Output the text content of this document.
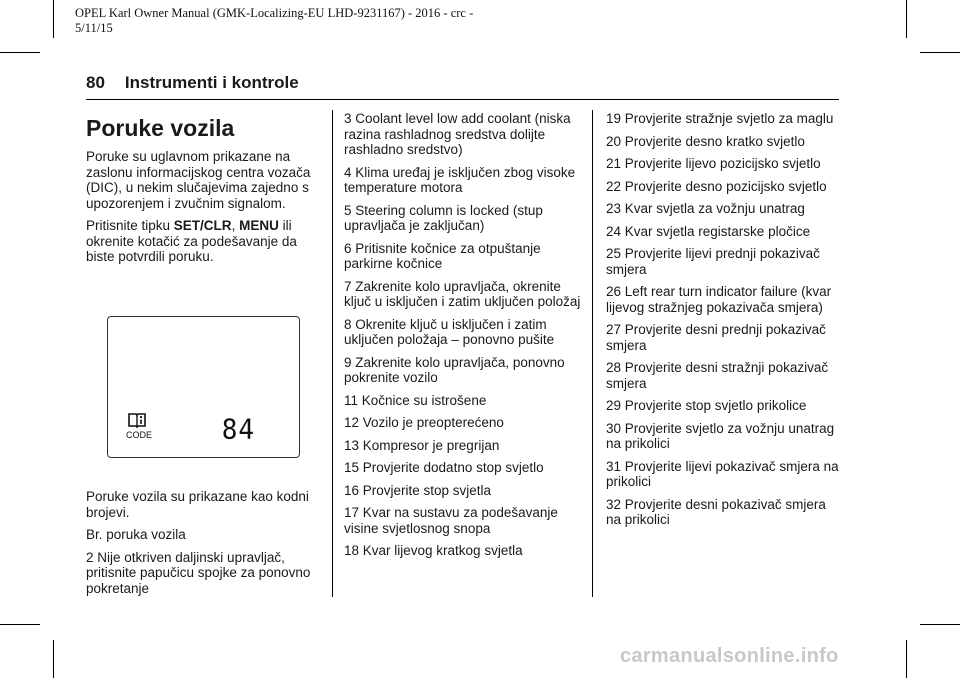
OPEL Karl Owner Manual (GMK-Localizing-EU LHD-9231167) - 2016 - crc -
5/11/15
80 Instrumenti i kontrole
Poruke vozila

Poruke su uglavnom prikazane na zaslonu informacijskog centra vozača (DIC), u nekim slučajevima zajedno s upozorenjem i zvučnim signalom.

Pritisnite tipku SET/CLR, MENU ili okrenite kotačić za podešavanje da biste potvrdili poruku.

CODE	84

Poruke vozila su prikazane kao kodni brojevi.

Br. poruka vozila

2 Nije otkriven daljinski upravljač, pritisnite papučicu spojke za ponovno pokretanje

3 Coolant level low add coolant (niska razina rashladnog sredstva dolijte rashladno sredstvo)

4 Klima uređaj je isključen zbog visoke temperature motora

5 Steering column is locked (stup upravljača je zaključan)

6 Pritisnite kočnice za otpuštanje parkirne kočnice

7 Zakrenite kolo upravljača, okrenite ključ u isključen i zatim uključen položaj

8 Okrenite ključ u isključen i zatim uključen položaja – ponovno pušite

9 Zakrenite kolo upravljača, ponovno pokrenite vozilo

11 Kočnice su istrošene

12 Vozilo je preopterećeno

13 Kompresor je pregrijan

15 Provjerite dodatno stop svjetlo

16 Provjerite stop svjetla

17 Kvar na sustavu za podešavanje visine svjetlosnog snopa

18 Kvar lijevog kratkog svjetla

19 Provjerite stražnje svjetlo za maglu

20 Provjerite desno kratko svjetlo

21 Provjerite lijevo pozicijsko svjetlo

22 Provjerite desno pozicijsko svjetlo

23 Kvar svjetla za vožnju unatrag

24 Kvar svjetla registarske pločice

25 Provjerite lijevi prednji pokazivač smjera

26 Left rear turn indicator failure (kvar lijevog stražnjeg pokazivača smjera)

27 Provjerite desni prednji pokazivač smjera

28 Provjerite desni stražnji pokazivač smjera

29 Provjerite stop svjetlo prikolice

30 Provjerite svjetlo za vožnju unatrag na prikolici

31 Provjerite lijevi pokazivač smjera na prikolici

32 Provjerite desni pokazivač smjera na prikolici

carmanualsonline.info
